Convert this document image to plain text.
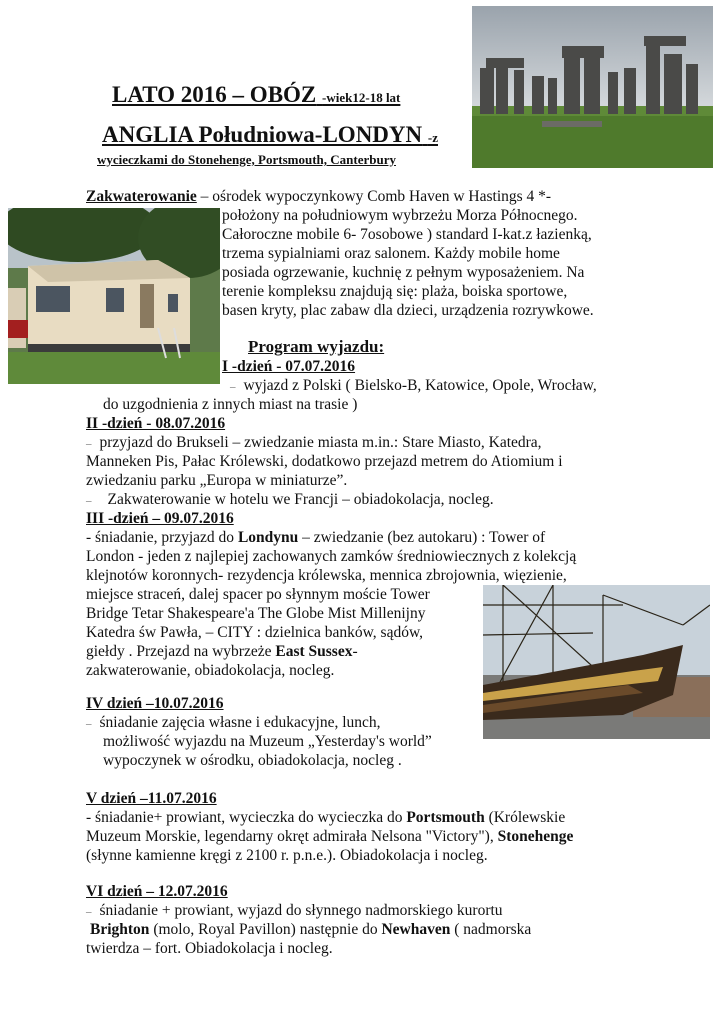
LATO 2016 – OBÓZ -wiek12-18 lat
ANGLIA Południowa-LONDYN -z
wycieczkami do Stonehenge, Portsmouth, Canterbury
Zakwaterowanie – ośrodek wypoczynkowy Comb Haven w Hastings 4 *-
położony na południowym wybrzeżu Morza Północnego.
Całoroczne mobile 6- 7osobowe ) standard I-kat.z łazienką,
trzema sypialniami oraz salonem. Każdy mobile home
posiada ogrzewanie, kuchnię z pełnym wyposażeniem. Na
terenie kompleksu znajdują się: plaża, boiska sportowe,
basen kryty, plac zabaw dla dzieci, urządzenia rozrywkowe.
Program wyjazdu:
I -dzień - 07.07.2016
– wyjazd z Polski ( Bielsko-B, Katowice, Opole, Wrocław,
do uzgodnienia z innych miast na trasie )
II -dzień - 08.07.2016
– przyjazd do Brukseli – zwiedzanie miasta m.in.: Stare Miasto, Katedra,
Manneken Pis, Pałac Królewski, dodatkowo przejazd metrem do Atiomium i
zwiedzaniu parku „Europa w miniaturze”.
– Zakwaterowanie w hotelu we Francji – obiadokolacja, nocleg.
III -dzień – 09.07.2016
- śniadanie, przyjazd do Londynu – zwiedzanie (bez autokaru) : Tower of
London - jeden z najlepiej zachowanych zamków średniowiecznych z kolekcją
klejnotów koronnych- rezydencja królewska, mennica zbrojownia, więzienie,
miejsce straceń, dalej spacer po słynnym moście Tower
Bridge Tetar Shakespeare'a The Globe Mist Millenijny
Katedra św Pawła, – CITY : dzielnica banków, sądów,
giełdy . Przejazd na wybrzeże East Sussex-
zakwaterowanie, obiadokolacja, nocleg.
IV dzień –10.07.2016
– śniadanie zajęcia własne i edukacyjne, lunch,
możliwość wyjazdu na Muzeum „Yesterday's world”
wypoczynek w ośrodku, obiadokolacja, nocleg .
V dzień –11.07.2016
- śniadanie+ prowiant, wycieczka do wycieczka do Portsmouth (Królewskie
Muzeum Morskie, legendarny okręt admirała Nelsona "Victory"), Stonehenge
(słynne kamienne kręgi z 2100 r. p.n.e.). Obiadokolacja i nocleg.
VI dzień – 12.07.2016
– śniadanie + prowiant, wyjazd do słynnego nadmorskiego kurortu
Brighton (molo, Royal Pavillon) następnie do Newhaven ( nadmorska
twierdza – fort. Obiadokolacja i nocleg.
